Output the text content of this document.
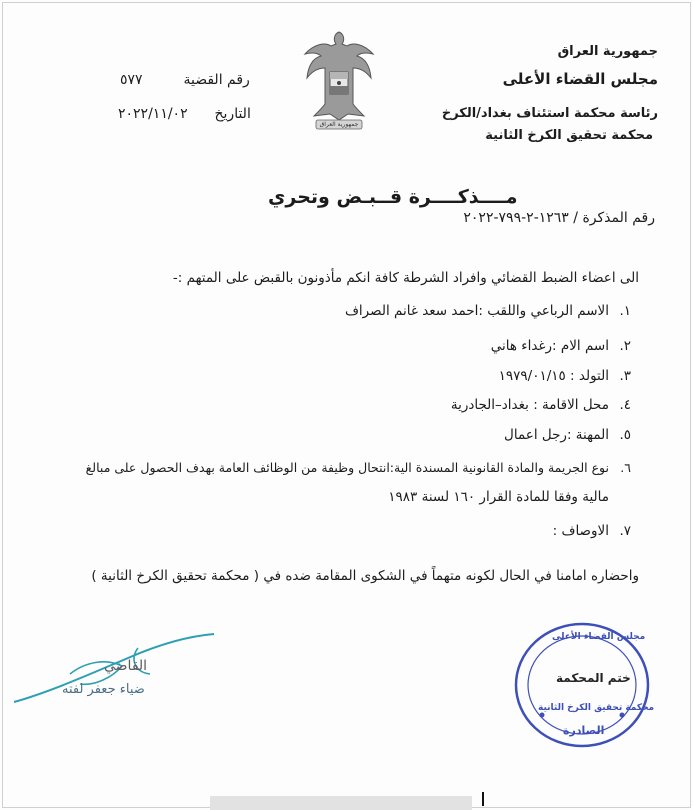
جمهورية العراق
مجلس القضاء الأعلى
رئاسة محكمة استئناف بغداد/الكرخ
محكمة تحقيق الكرخ الثانية
جمهورية العراق
رقم القضية  ٥٧٧
التاريخ  ٢٠٢٢/١١/٠٢
مــــذكــــرة قــبـض وتحري
رقم المذكرة / ١٢٦٣-٢-٧٩٩-٢٠٢٢
الى اعضاء الضبط القضائي وافراد الشرطة كافة انكم مأذونون بالقبض على المتهم :-
١.الاسم الرباعي واللقب :احمد سعد غانم الصراف
٢.اسم الام :رغداء هاني
٣.التولد : ١٩٧٩/٠١/١٥
٤.محل الاقامة : بغداد–الجادرية
٥.المهنة :رجل اعمال
٦.نوع الجريمة والمادة القانونية المسندة الية:انتحال وظيفة من الوظائف العامة بهدف الحصول على مبالغ
مالية وفقا للمادة القرار ١٦٠ لسنة ١٩٨٣
٧.الاوصاف :
واحضاره امامنا في الحال لكونه متهماً في الشكوى المقامة ضده في ( محكمة تحقيق الكرخ الثانية )
القاضي
ضياء جعفر لفته
مجلس القضاء الأعلى
ختم المحكمة
محكمة تحقيق الكرخ الثانية
الصادرة
